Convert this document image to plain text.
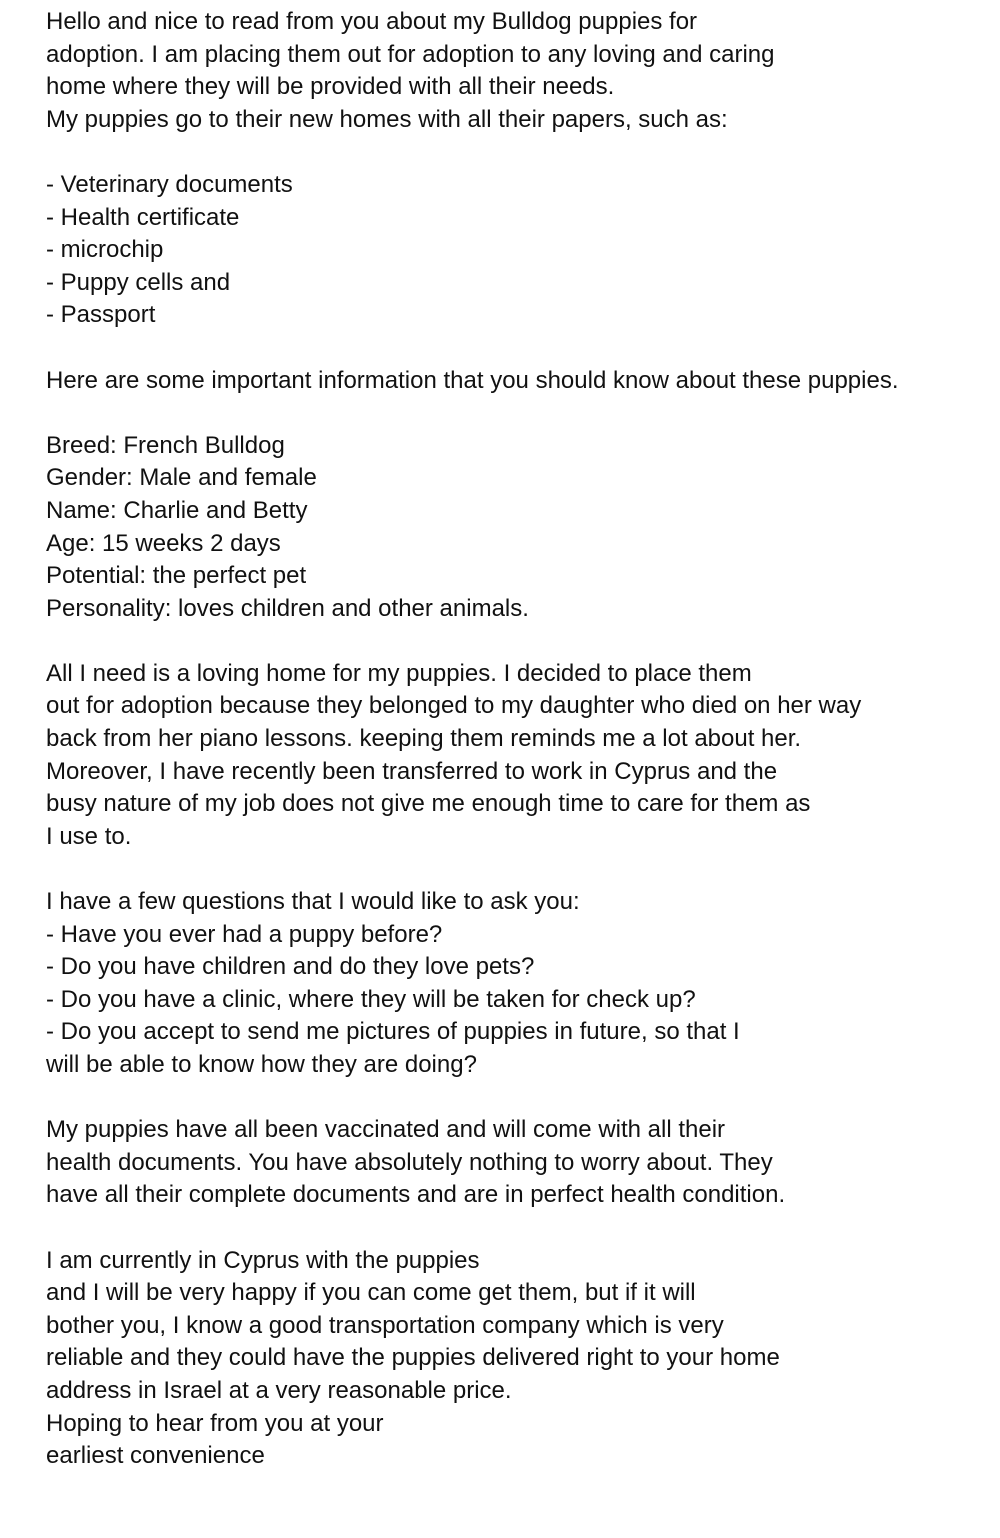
Hello and nice to read from you about my Bulldog puppies for
adoption. I am placing them out for adoption to any loving and caring
home where they will be provided with all their needs.
My puppies go to their new homes with all their papers, such as:
- Veterinary documents
- Health certificate
- microchip
- Puppy cells and
- Passport
Here are some important information that you should know about these puppies.
Breed: French Bulldog
Gender: Male and female
Name: Charlie and Betty
Age: 15 weeks 2 days
Potential: the perfect pet
Personality: loves children and other animals.
All I need is a loving home for my puppies. I decided to place them
out for adoption because they belonged to my daughter who died on her way
back from her piano lessons. keeping them reminds me a lot about her.
Moreover, I have recently been transferred to work in Cyprus and the
busy nature of my job does not give me enough time to care for them as
I use to.
I have a few questions that I would like to ask you:
- Have you ever had a puppy before?
- Do you have children and do they love pets?
- Do you have a clinic, where they will be taken for check up?
- Do you accept to send me pictures of puppies in future, so that I
will be able to know how they are doing?
My puppies have all been vaccinated and will come with all their
health documents. You have absolutely nothing to worry about. They
have all their complete documents and are in perfect health condition.
I am currently in Cyprus with the puppies
and I will be very happy if you can come get them, but if it will
bother you, I know a good transportation company which is very
reliable and they could have the puppies delivered right to your home
address in Israel at a very reasonable price.
Hoping to hear from you at your
earliest convenience
